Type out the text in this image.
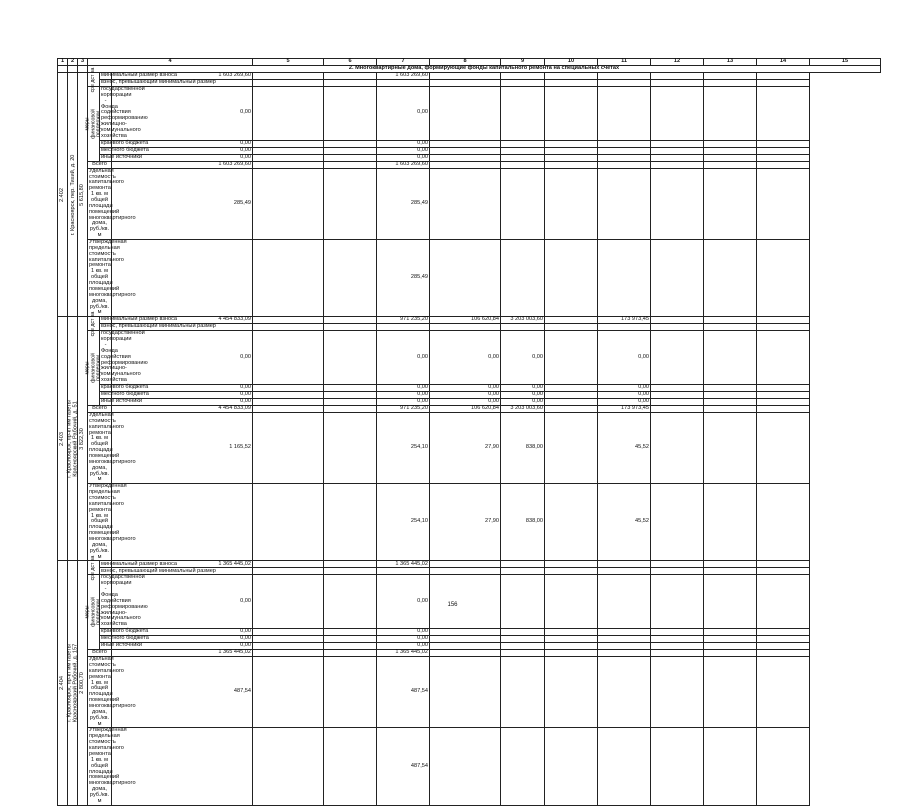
1	2	3	4			5	6	7	8	9	10	11	12	13	14	15
			2. Многоквартирные дома, формирующие фонды капитального ремонта на специальных счетах													

2.402	г. Красноярск, пер. Тихий, д. 20	5 615,80	сре дст ва	минимальный размер взноса	1 603 269,60			1 603 269,60								
				взнос, превышающий минимальный размер												

			меры финансовой поддержки	государственной корпорации - Фонда содействия реформированию жилищно-коммунального хозяйства	0,00			0,00								
				краевого бюджета	0,00			0,00								
				местного бюджета	0,00			0,00								
				иные источники	0,00			0,00								
			Всего		1 603 269,60			1 603 269,60								
			Удельная стоимость капитального ремонта 1 кв. м общей площади помещений многоквартирного дома, руб./кв. м		285,49			285,49								
			Утвержденная предельная стоимость капитального ремонта 1 кв. м общей площади помещений многоквартирного дома, руб./кв. м					285,49								

2.403	г. Красноярск, пр-кт им газеты Красноярский Рабочий, д. 51	3 822,30	сре дст ва	минимальный размер взноса	4 454 833,09			971 235,20	106 620,84	3 203 003,60		173 973,45				
				взнос, превышающий минимальный размер												

			меры финансовой поддержки	государственной корпорации - Фонда содействия реформированию жилищно-коммунального хозяйства	0,00			0,00	0,00	0,00		0,00				
				краевого бюджета	0,00			0,00	0,00	0,00		0,00				
				местного бюджета	0,00			0,00	0,00	0,00		0,00				
				иные источники	0,00			0,00	0,00	0,00		0,00				
			Всего		4 454 833,09			971 235,20	106 620,84	3 203 003,60		173 973,45				
			Удельная стоимость капитального ремонта 1 кв. м общей площади помещений многоквартирного дома, руб./кв. м		1 165,52			254,10	27,90	838,00		45,52				
			Утвержденная предельная стоимость капитального ремонта 1 кв. м общей площади помещений многоквартирного дома, руб./кв. м					254,10	27,90	838,00		45,52				

2.404	г. Красноярск, пр-кт им газеты Красноярский Рабочий, д. 157	2 800,70	сре дст ва	минимальный размер взноса	1 365 445,02			1 365 445,02								
				взнос, превышающий минимальный размер												

			меры финансовой поддержки	государственной корпорации - Фонда содействия реформированию жилищно-коммунального хозяйства	0,00			0,00								
				краевого бюджета	0,00			0,00								
				местного бюджета	0,00			0,00								
				иные источники	0,00			0,00								
			Всего		1 365 445,02			1 365 445,02								
			Удельная стоимость капитального ремонта 1 кв. м общей площади помещений многоквартирного дома, руб./кв. м		487,54			487,54								
			Утвержденная предельная стоимость капитального ремонта 1 кв. м общей площади помещений многоквартирного дома, руб./кв. м					487,54								
156
